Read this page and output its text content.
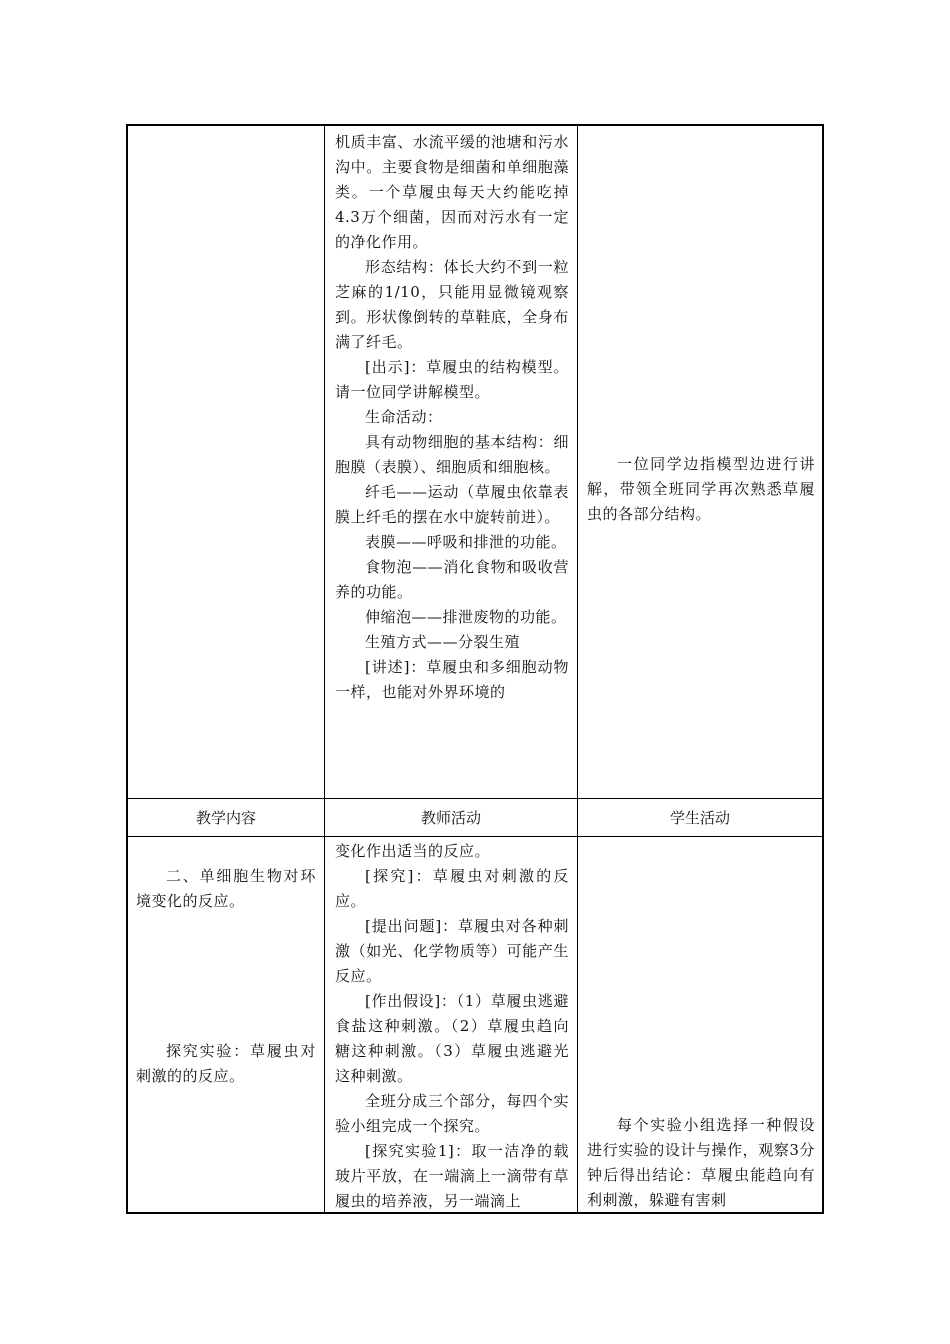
机质丰富、水流平缓的池塘和污水沟中。主要食物是细菌和单细胞藻类。一个草履虫每天大约能吃掉4.3万个细菌，因而对污水有一定的净化作用。

形态结构：体长大约不到一粒芝麻的1/10，只能用显微镜观察到。形状像倒转的草鞋底，全身布满了纤毛。

[出示]：草履虫的结构模型。请一位同学讲解模型。

生命活动：

具有动物细胞的基本结构：细胞膜（表膜）、细胞质和细胞核。

纤毛——运动（草履虫依靠表膜上纤毛的摆在水中旋转前进）。

表膜——呼吸和排泄的功能。

食物泡——消化食物和吸收营养的功能。

伸缩泡——排泄废物的功能。

生殖方式——分裂生殖

[讲述]：草履虫和多细胞动物一样，也能对外界环境的

一位同学边指模型边进行讲解，带领全班同学再次熟悉草履虫的各部分结构。

教学内容	教师活动	学生活动

二、单细胞生物对环境变化的反应。

探究实验：草履虫对刺激的的反应。

变化作出适当的反应。

[探究]：草履虫对刺激的反应。

[提出问题]：草履虫对各种刺激（如光、化学物质等）可能产生反应。

[作出假设]：（1）草履虫逃避食盐这种刺激。（2）草履虫趋向糖这种刺激。（3）草履虫逃避光这种刺激。

全班分成三个部分，每四个实验小组完成一个探究。

[探究实验1]：取一洁净的载玻片平放，在一端滴上一滴带有草履虫的培养液，另一端滴上

每个实验小组选择一种假设进行实验的设计与操作，观察3分钟后得出结论：草履虫能趋向有利刺激，躲避有害刺
